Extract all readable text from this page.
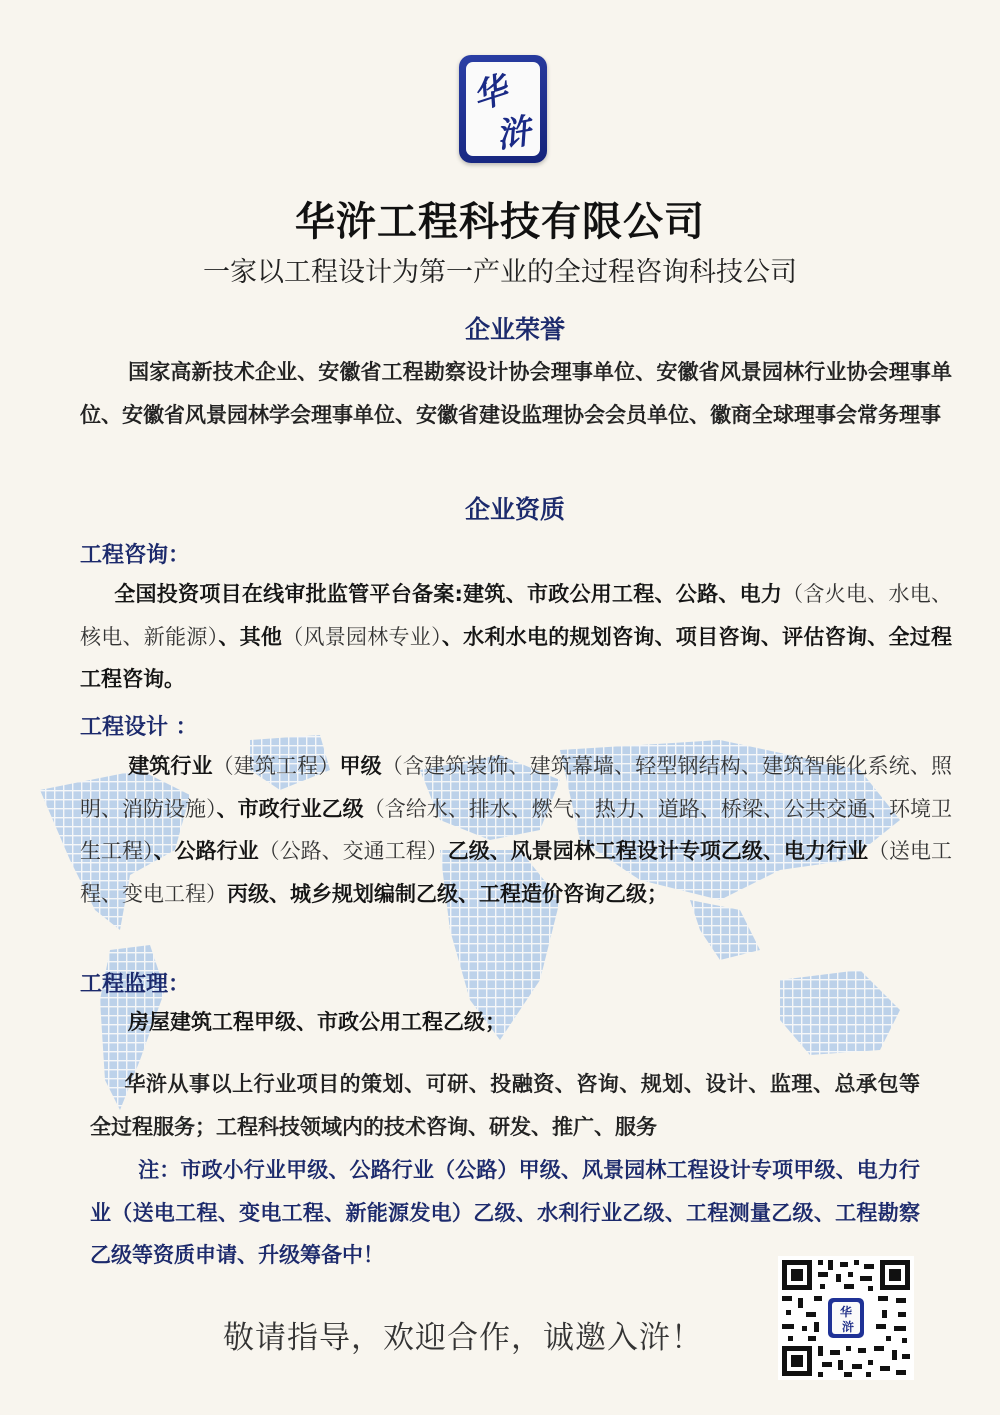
华
浒
华浒工程科技有限公司
一家以工程设计为第一产业的全过程咨询科技公司
企业荣誉
国家高新技术企业、安徽省工程勘察设计协会理事单位、安徽省风景园林行业协会理事单位、安徽省风景园林学会理事单位、安徽省建设监理协会会员单位、徽商全球理事会常务理事
企业资质
工程咨询：
全国投资项目在线审批监管平台备案:建筑、市政公用工程、公路、电力（含火电、水电、核电、新能源）、其他（风景园林专业）、水利水电的规划咨询、项目咨询、评估咨询、全过程工程咨询。
工程设计 ：
建筑行业（建筑工程）甲级（含建筑装饰、建筑幕墙、轻型钢结构、建筑智能化系统、照明、消防设施）、市政行业乙级（含给水、排水、燃气、热力、道路、桥梁、公共交通、环境卫生工程）、公路行业（公路、交通工程）乙级、风景园林工程设计专项乙级、电力行业（送电工程、变电工程）丙级、城乡规划编制乙级、工程造价咨询乙级；
工程监理：
房屋建筑工程甲级、市政公用工程乙级；
华浒从事以上行业项目的策划、可研、投融资、咨询、规划、设计、监理、总承包等全过程服务；工程科技领域内的技术咨询、研发、推广、服务
注：市政小行业甲级、公路行业（公路）甲级、风景园林工程设计专项甲级、电力行业（送电工程、变电工程、新能源发电）乙级、水利行业乙级、工程测量乙级、工程勘察乙级等资质申请、升级筹备中！
敬请指导，欢迎合作，诚邀入浒！
华
浒
